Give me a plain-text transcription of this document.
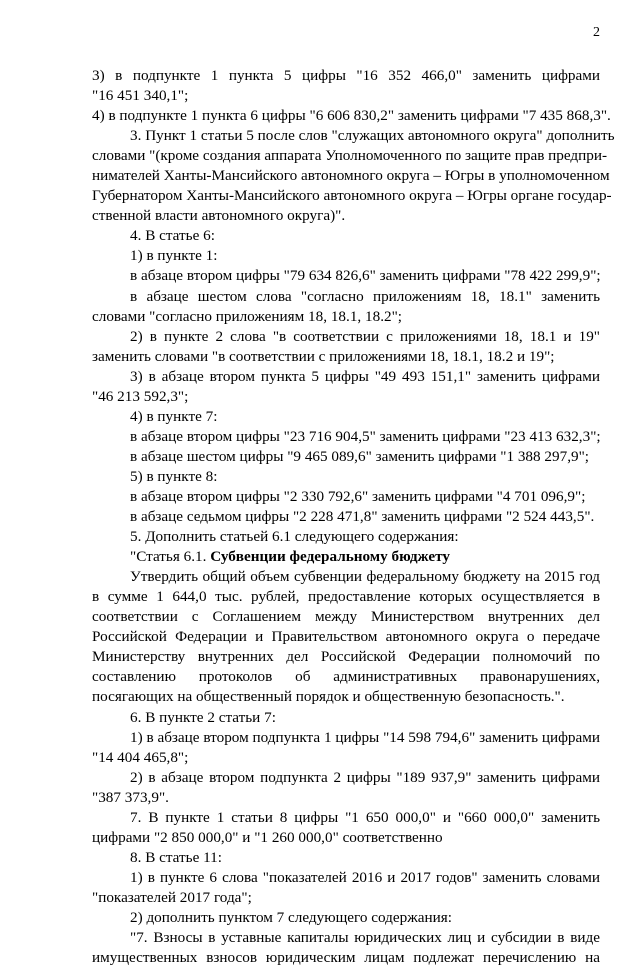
2
3) в подпункте 1 пункта 5 цифры "16 352 466,0" заменить цифрами
"16 451 340,1";
4) в подпункте 1 пункта 6 цифры "6 606 830,2" заменить цифрами "7 435 868,3".
3. Пункт 1 статьи 5 после слов "служащих автономного округа" дополнить
словами "(кроме создания аппарата Уполномоченного по защите прав предпри-
нимателей Ханты-Мансийского автономного округа – Югры в уполномоченном
Губернатором Ханты-Мансийского автономного округа – Югры органе государ-
ственной власти автономного округа)".
4. В статье 6:
1) в пункте 1:
в абзаце втором цифры "79 634 826,6" заменить цифрами "78 422 299,9";
в абзаце шестом слова "согласно приложениям 18, 18.1" заменить
словами "согласно приложениям 18, 18.1, 18.2";
2) в пункте 2 слова "в соответствии с приложениями 18, 18.1 и 19"
заменить словами "в соответствии с приложениями 18, 18.1, 18.2 и 19";
3) в абзаце втором пункта 5 цифры "49 493 151,1" заменить цифрами
"46 213 592,3";
4) в пункте 7:
в абзаце втором цифры "23 716 904,5" заменить цифрами "23 413 632,3";
в абзаце шестом цифры "9 465 089,6" заменить цифрами "1 388 297,9";
5) в пункте 8:
в абзаце втором цифры "2 330 792,6" заменить цифрами "4 701 096,9";
в абзаце седьмом цифры "2 228 471,8" заменить цифрами "2 524 443,5".
5. Дополнить статьей 6.1 следующего содержания:
"Статья 6.1. Субвенции федеральному бюджету
Утвердить общий объем субвенции федеральному бюджету на 2015 год
в сумме 1 644,0 тыс. рублей, предоставление которых осуществляется в
соответствии с Соглашением между Министерством внутренних дел
Российской Федерации и Правительством автономного округа о передаче
Министерству внутренних дел Российской Федерации полномочий по
составлению протоколов об административных правонарушениях,
посягающих на общественный порядок и общественную безопасность.".
6. В пункте 2 статьи 7:
1) в абзаце втором подпункта 1 цифры "14 598 794,6" заменить цифрами
"14 404 465,8";
2) в абзаце втором подпункта 2 цифры "189 937,9" заменить цифрами
"387 373,9".
7. В пункте 1 статьи 8 цифры "1 650 000,0" и "660 000,0" заменить
цифрами "2 850 000,0" и "1 260 000,0" соответственно
8. В статье 11:
1) в пункте 6 слова "показателей 2016 и 2017 годов" заменить словами
"показателей 2017 года";
2) дополнить пунктом 7 следующего содержания:
"7. Взносы в уставные капиталы юридических лиц и субсидии в виде
имущественных взносов юридическим лицам подлежат перечислению на
